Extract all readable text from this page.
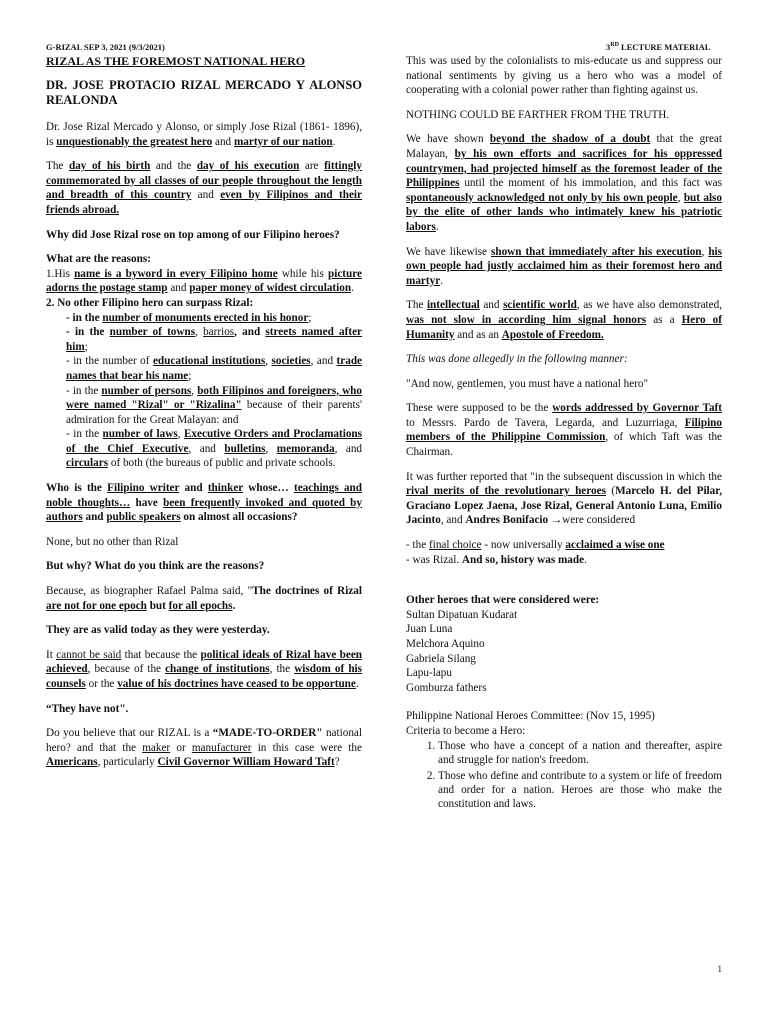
G-RIZAL SEP 3, 2021 (9/3/2021)	3RD LECTURE MATERIAL
RIZAL AS THE FOREMOST NATIONAL HERO
DR. JOSE PROTACIO RIZAL MERCADO Y ALONSO REALONDA

Dr. Jose Rizal Mercado y Alonso, or simply Jose Rizal (1861- 1896), is unquestionably the greatest hero and martyr of our nation.

The day of his birth and the day of his execution are fittingly commemorated by all classes of our people throughout the length and breadth of this country and even by Filipinos and their friends abroad.

Why did Jose Rizal rose on top among of our Filipino heroes?

What are the reasons:

1.His name is a byword in every Filipino home while his picture adorns the postage stamp and paper money of widest circulation.

2. No other Filipino hero can surpass Rizal:

- in the number of monuments erected in his honor;

- in the number of towns, barrios, and streets named after him;

- in the number of educational institutions, societies, and trade names that bear his name;

- in the number of persons, both Filipinos and foreigners, who were named "Rizal" or "Rizalina" because of their parents' admiration for the Great Malayan: and

- in the number of laws, Executive Orders and Proclamations of the Chief Executive, and bulletins, memoranda, and circulars of both (the bureaus of public and private schools.

Who is the Filipino writer and thinker whose… teachings and noble thoughts… have been frequently invoked and quoted by authors and public speakers on almost all occasions?

None, but no other than Rizal

But why? What do you think are the reasons?

Because, as biographer Rafael Palma said, "The doctrines of Rizal are not for one epoch but for all epochs.

They are as valid today as they were yesterday.

It cannot be said that because the political ideals of Rizal have been achieved, because of the change of institutions, the wisdom of his counsels or the value of his doctrines have ceased to be opportune.

“They have not".

Do you believe that our RIZAL is a “MADE-TO-ORDER" national hero? and that the maker or manufacturer in this case were the Americans, particularly Civil Governor William Howard Taft?

This was used by the colonialists to mis-educate us and suppress our national sentiments by giving us a hero who was a model of cooperating with a colonial power rather than fighting against us.

NOTHING COULD BE FARTHER FROM THE TRUTH.

We have shown beyond the shadow of a doubt that the great Malayan, by his own efforts and sacrifices for his oppressed countrymen, had projected himself as the foremost leader of the Philippines until the moment of his immolation, and this fact was spontaneously acknowledged not only by his own people, but also by the elite of other lands who intimately knew his patriotic labors.

We have likewise shown that immediately after his execution, his own people had justly acclaimed him as their foremost hero and martyr.

The intellectual and scientific world, as we have also demonstrated, was not slow in according him signal honors as a Hero of Humanity and as an Apostole of Freedom.

This was done allegedly in the following manner:

"And now, gentlemen, you must have a national hero"

These were supposed to be the words addressed by Governor Taft to Messrs. Pardo de Tavera, Legarda, and Luzurriaga, Filipino members of the Philippine Commission, of which Taft was the Chairman.

It was further reported that "in the subsequent discussion in which the rival merits of the revolutionary heroes (Marcelo H. del Pilar, Graciano Lopez Jaena, Jose Rizal, General Antonio Luna, Emilio Jacinto, and Andres Bonifacio →were considered

- the final choice - now universally acclaimed a wise one
- was Rizal. And so, history was made.

Other heroes that were considered were:

Sultan Dipatuan Kudarat

Juan Luna

Melchora Aquino

Gabriela Silang

Lapu-lapu

Gomburza fathers

Philippine National Heroes Committee: (Nov 15, 1995)

Criteria to become a Hero:

1. Those who have a concept of a nation and thereafter, aspire and struggle for nation's freedom.
2. Those who define and contribute to a system or life of freedom and order for a nation. Heroes are those who make the constitution and laws.
1
